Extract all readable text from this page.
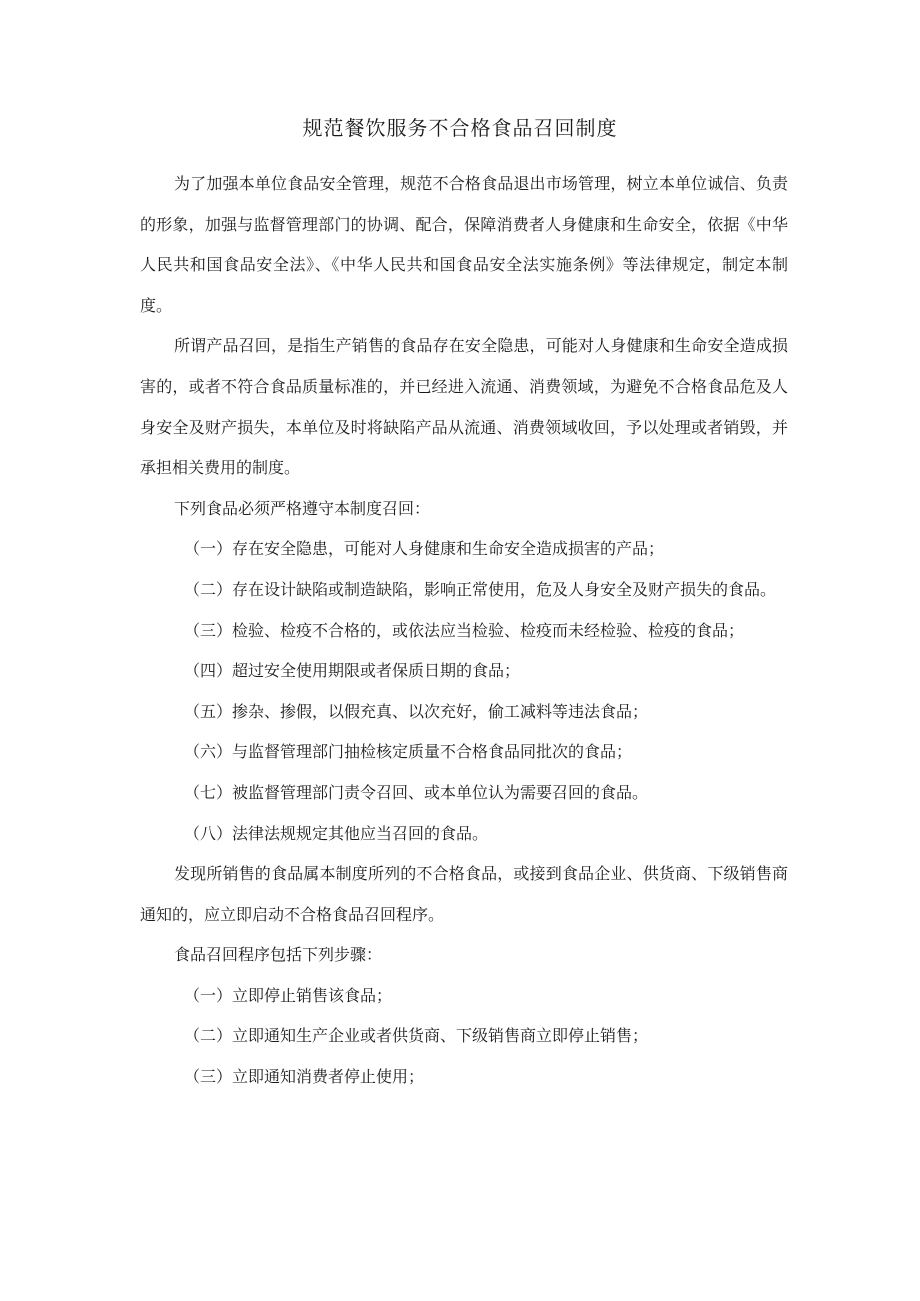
规范餐饮服务不合格食品召回制度

为了加强本单位食品安全管理，规范不合格食品退出市场管理，树立本单位诚信、负责的形象，加强与监督管理部门的协调、配合，保障消费者人身健康和生命安全，依据《中华人民共和国食品安全法》、《中华人民共和国食品安全法实施条例》等法律规定，制定本制度。

所谓产品召回，是指生产销售的食品存在安全隐患，可能对人身健康和生命安全造成损害的，或者不符合食品质量标准的，并已经进入流通、消费领域，为避免不合格食品危及人身安全及财产损失，本单位及时将缺陷产品从流通、消费领域收回，予以处理或者销毁，并承担相关费用的制度。

下列食品必须严格遵守本制度召回：

（一）存在安全隐患，可能对人身健康和生命安全造成损害的产品；

（二）存在设计缺陷或制造缺陷，影响正常使用，危及人身安全及财产损失的食品。

（三）检验、检疫不合格的，或依法应当检验、检疫而未经检验、检疫的食品；

（四）超过安全使用期限或者保质日期的食品；

（五）掺杂、掺假，以假充真、以次充好，偷工减料等违法食品；

（六）与监督管理部门抽检核定质量不合格食品同批次的食品；

（七）被监督管理部门责令召回、或本单位认为需要召回的食品。

（八）法律法规规定其他应当召回的食品。

发现所销售的食品属本制度所列的不合格食品，或接到食品企业、供货商、下级销售商通知的，应立即启动不合格食品召回程序。

食品召回程序包括下列步骤：

（一）立即停止销售该食品；

（二）立即通知生产企业或者供货商、下级销售商立即停止销售；

（三）立即通知消费者停止使用；
